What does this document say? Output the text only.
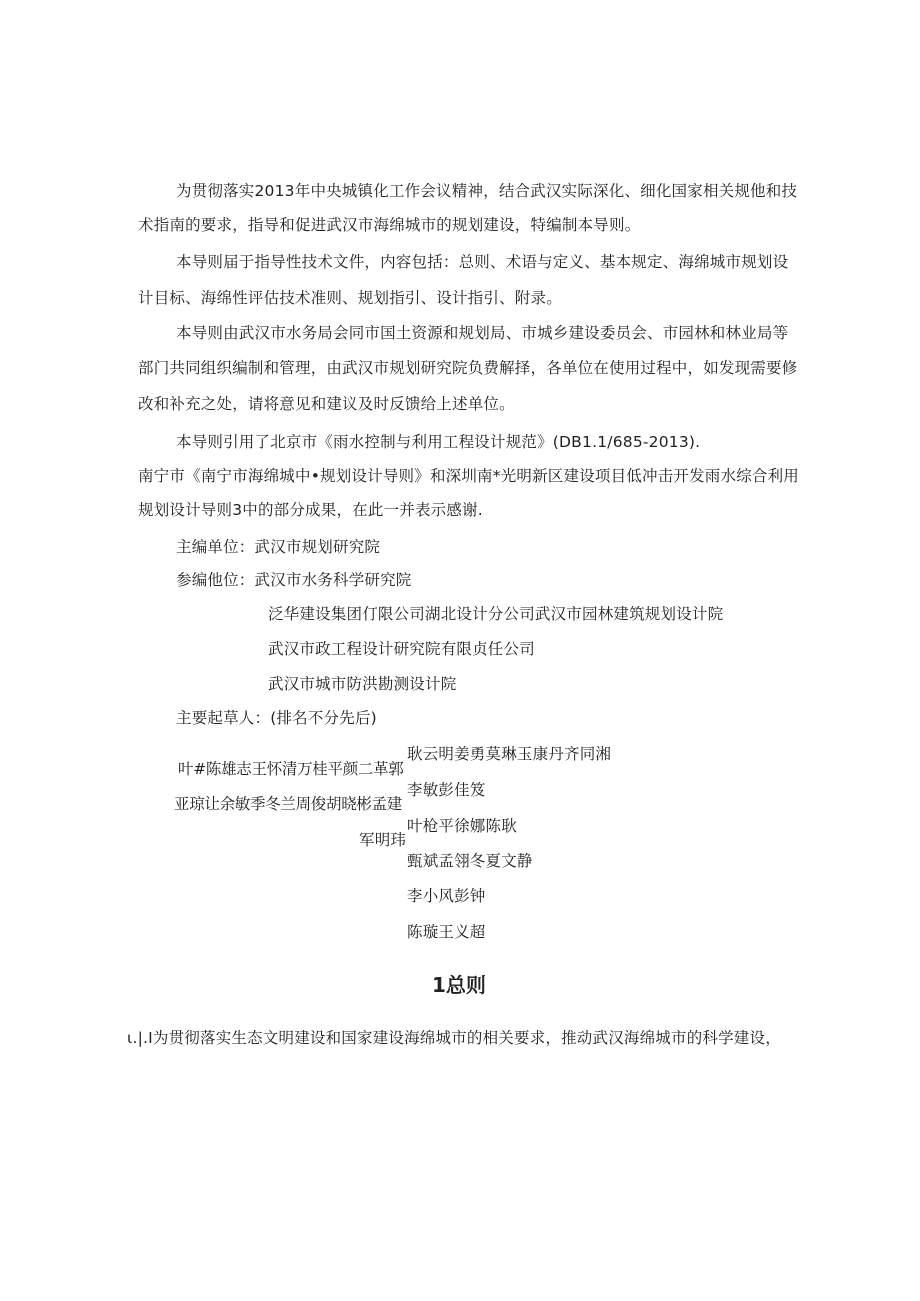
为贯彻落实2013年中央城镇化工作会议精神，结合武汉实际深化、细化国家相关规他和技
术指南的要求，指导和促进武汉市海绵城市的规划建设，特编制本导则。
本导则届于指导性技术文件，内容包括：总则、术语与定义、基本规定、海绵城市规划设
计目标、海绵性评估技术准则、规划指引、设计指引、附录。
本导则由武汉市水务局会同市国土资源和规划局、市城乡建设委员会、市园林和林业局等
部门共同组织编制和管理，由武汉市规划研究院负费解择，各单位在使用过程中，如发现需要修
改和补充之处，请将意见和建议及时反馈给上述单位。
本导则引用了北京市《雨水控制与利用工程设计规范》(DB1.1/685-2013).
南宁市《南宁市海绵城中•规划设计导则》和深圳南*光明新区建设项目低冲击开发雨水综合利用
规划设计导则3中的部分成果，在此一并表示感谢.
主编单位：武汉市规划研究院
参编他位：武汉市水务科学研究院
泛华建设集团仃限公司湖北设计分公司武汉市园林建筑规划设计院
武汉市政工程设计研究院有限贞任公司
武汉市城市防洪勘测设计院
主要起草人：(排名不分先后)
叶#陈雄志王怀清万桂平颜二革郭
亚琼让余敏季冬兰周俊胡晓彬孟建
军明玮
耿云明姜勇莫琳玉康丹齐同湘
李敏彭佳笈
叶枪平徐娜陈耿
甄斌孟翎冬夏文静
李小风彭钟
陈璇王义超
1总则
ι.|.I为贯彻落实生态文明建设和国家建设海绵城市的相关要求，推动武汉海绵城市的科学建设，
